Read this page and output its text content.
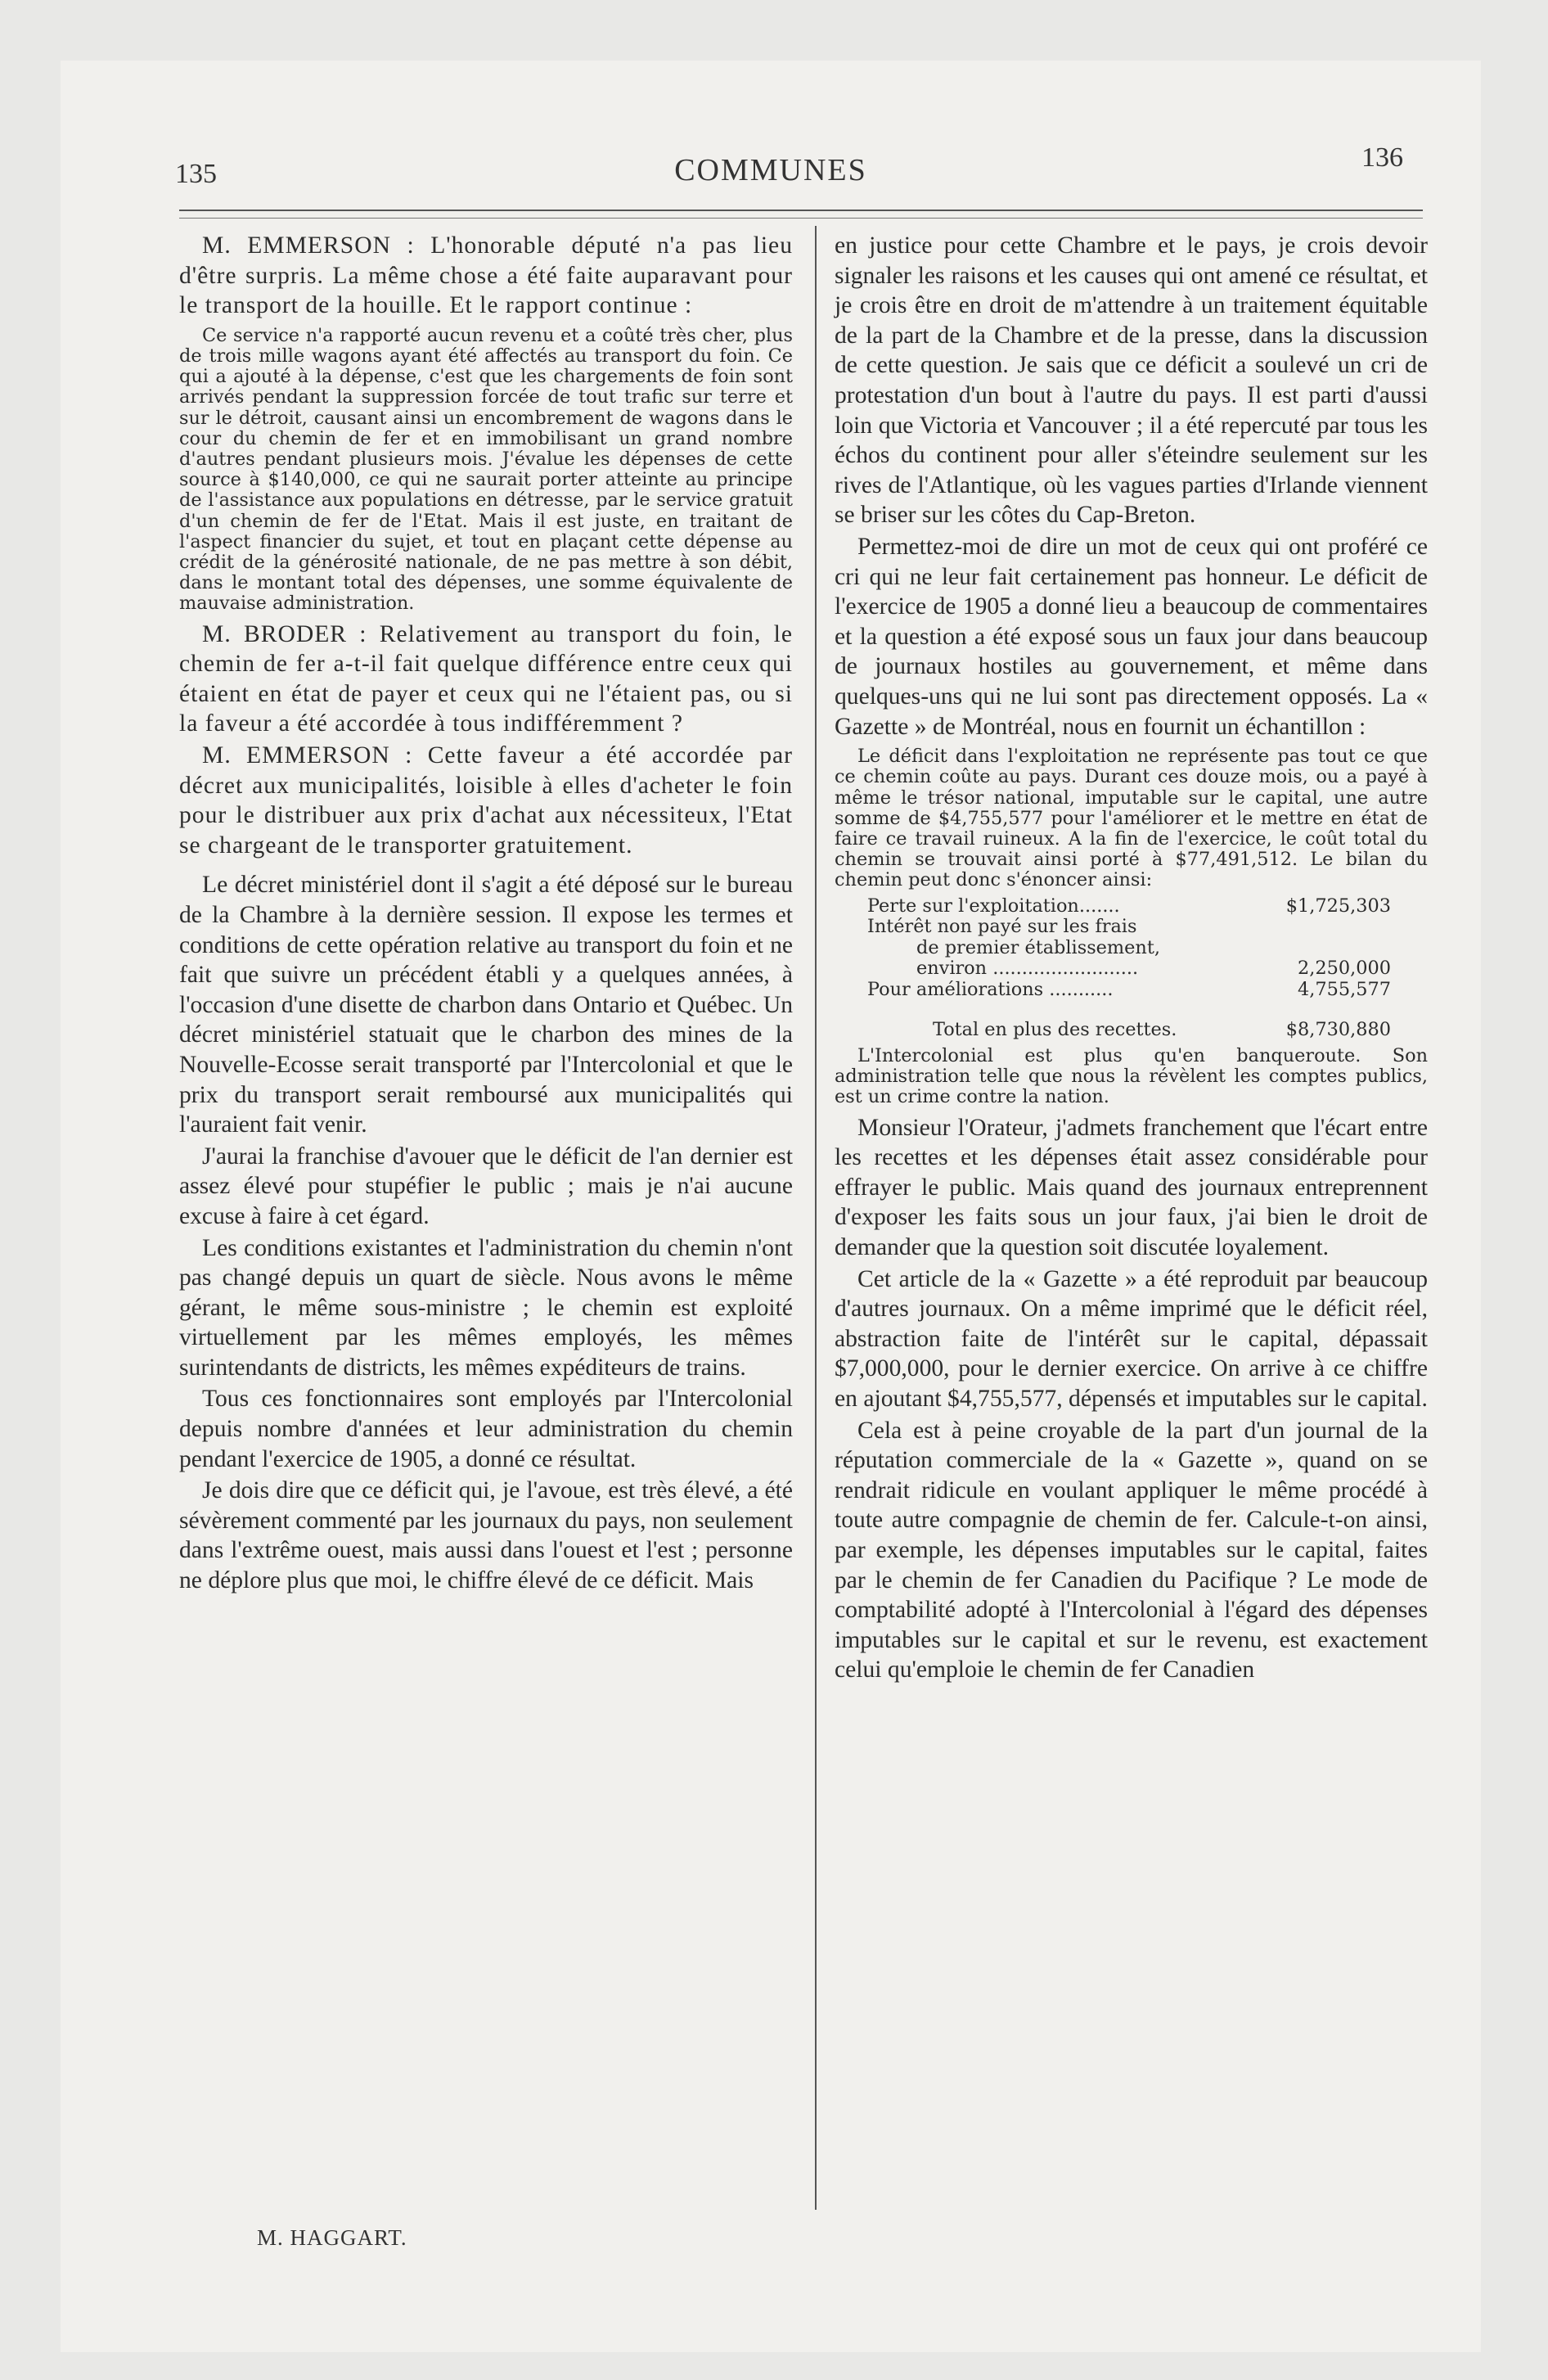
135	COMMUNES	136

M. EMMERSON : L'honorable député n'a pas lieu d'être surpris. La même chose a été faite auparavant pour le transport de la houille. Et le rapport continue :

Ce service n'a rapporté aucun revenu et a coûté très cher, plus de trois mille wagons ayant été affectés au transport du foin. Ce qui a ajouté à la dépense, c'est que les chargements de foin sont arrivés pendant la suppression forcée de tout trafic sur terre et sur le détroit, causant ainsi un encombrement de wagons dans le cour du chemin de fer et en immobilisant un grand nombre d'autres pendant plusieurs mois. J'évalue les dépenses de cette source à $140,000, ce qui ne saurait porter atteinte au principe de l'assistance aux populations en détresse, par le service gratuit d'un chemin de fer de l'Etat. Mais il est juste, en traitant de l'aspect financier du sujet, et tout en plaçant cette dépense au crédit de la générosité nationale, de ne pas mettre à son débit, dans le montant total des dépenses, une somme équivalente de mauvaise administration.

M. BRODER : Relativement au transport du foin, le chemin de fer a-t-il fait quelque différence entre ceux qui étaient en état de payer et ceux qui ne l'étaient pas, ou si la faveur a été accordée à tous indifféremment ?

M. EMMERSON : Cette faveur a été accordée par décret aux municipalités, loisible à elles d'acheter le foin pour le distribuer aux prix d'achat aux nécessiteux, l'Etat se chargeant de le transporter gratuitement.

Le décret ministériel dont il s'agit a été déposé sur le bureau de la Chambre à la dernière session. Il expose les termes et conditions de cette opération relative au transport du foin et ne fait que suivre un précédent établi y a quelques années, à l'occasion d'une disette de charbon dans Ontario et Québec. Un décret ministériel statuait que le charbon des mines de la Nouvelle-Ecosse serait transporté par l'Intercolonial et que le prix du transport serait remboursé aux municipalités qui l'auraient fait venir.

J'aurai la franchise d'avouer que le déficit de l'an dernier est assez élevé pour stupéfier le public ; mais je n'ai aucune excuse à faire à cet égard.

Les conditions existantes et l'administration du chemin n'ont pas changé depuis un quart de siècle. Nous avons le même gérant, le même sous-ministre ; le chemin est exploité virtuellement par les mêmes employés, les mêmes surintendants de districts, les mêmes expéditeurs de trains.

Tous ces fonctionnaires sont employés par l'Intercolonial depuis nombre d'années et leur administration du chemin pendant l'exercice de 1905, a donné ce résultat.

Je dois dire que ce déficit qui, je l'avoue, est très élevé, a été sévèrement commenté par les journaux du pays, non seulement dans l'extrême ouest, mais aussi dans l'ouest et l'est ; personne ne déplore plus que moi, le chiffre élevé de ce déficit. Mais

en justice pour cette Chambre et le pays, je crois devoir signaler les raisons et les causes qui ont amené ce résultat, et je crois être en droit de m'attendre à un traitement équitable de la part de la Chambre et de la presse, dans la discussion de cette question. Je sais que ce déficit a soulevé un cri de protestation d'un bout à l'autre du pays. Il est parti d'aussi loin que Victoria et Vancouver ; il a été repercuté par tous les échos du continent pour aller s'éteindre seulement sur les rives de l'Atlantique, où les vagues parties d'Irlande viennent se briser sur les côtes du Cap-Breton.

Permettez-moi de dire un mot de ceux qui ont proféré ce cri qui ne leur fait certainement pas honneur. Le déficit de l'exercice de 1905 a donné lieu a beaucoup de commentaires et la question a été exposé sous un faux jour dans beaucoup de journaux hostiles au gouvernement, et même dans quelques-uns qui ne lui sont pas directement opposés. La « Gazette » de Montréal, nous en fournit un échantillon :

Le déficit dans l'exploitation ne représente pas tout ce que ce chemin coûte au pays. Durant ces douze mois, ou a payé à même le trésor national, imputable sur le capital, une autre somme de $4,755,577 pour l'améliorer et le mettre en état de faire ce travail ruineux. A la fin de l'exercice, le coût total du chemin se trouvait ainsi porté à $77,491,512. Le bilan du chemin peut donc s'énoncer ainsi:

Perte sur l'exploitation.......	$1,725,303
Intérêt non payé sur les frais
de premier établissement,
environ .........................	2,250,000
Pour améliorations ...........	4,755,577
Total en plus des recettes.	$8,730,880

L'Intercolonial est plus qu'en banqueroute. Son administration telle que nous la révèlent les comptes publics, est un crime contre la nation.

Monsieur l'Orateur, j'admets franchement que l'écart entre les recettes et les dépenses était assez considérable pour effrayer le public. Mais quand des journaux entreprennent d'exposer les faits sous un jour faux, j'ai bien le droit de demander que la question soit discutée loyalement.

Cet article de la « Gazette » a été reproduit par beaucoup d'autres journaux. On a même imprimé que le déficit réel, abstraction faite de l'intérêt sur le capital, dépassait $7,000,000, pour le dernier exercice. On arrive à ce chiffre en ajoutant $4,755,577, dépensés et imputables sur le capital.

Cela est à peine croyable de la part d'un journal de la réputation commerciale de la « Gazette », quand on se rendrait ridicule en voulant appliquer le même procédé à toute autre compagnie de chemin de fer. Calcule-t-on ainsi, par exemple, les dépenses imputables sur le capital, faites par le chemin de fer Canadien du Pacifique ? Le mode de comptabilité adopté à l'Intercolonial à l'égard des dépenses imputables sur le capital et sur le revenu, est exactement celui qu'emploie le chemin de fer Canadien

M. HAGGART.
